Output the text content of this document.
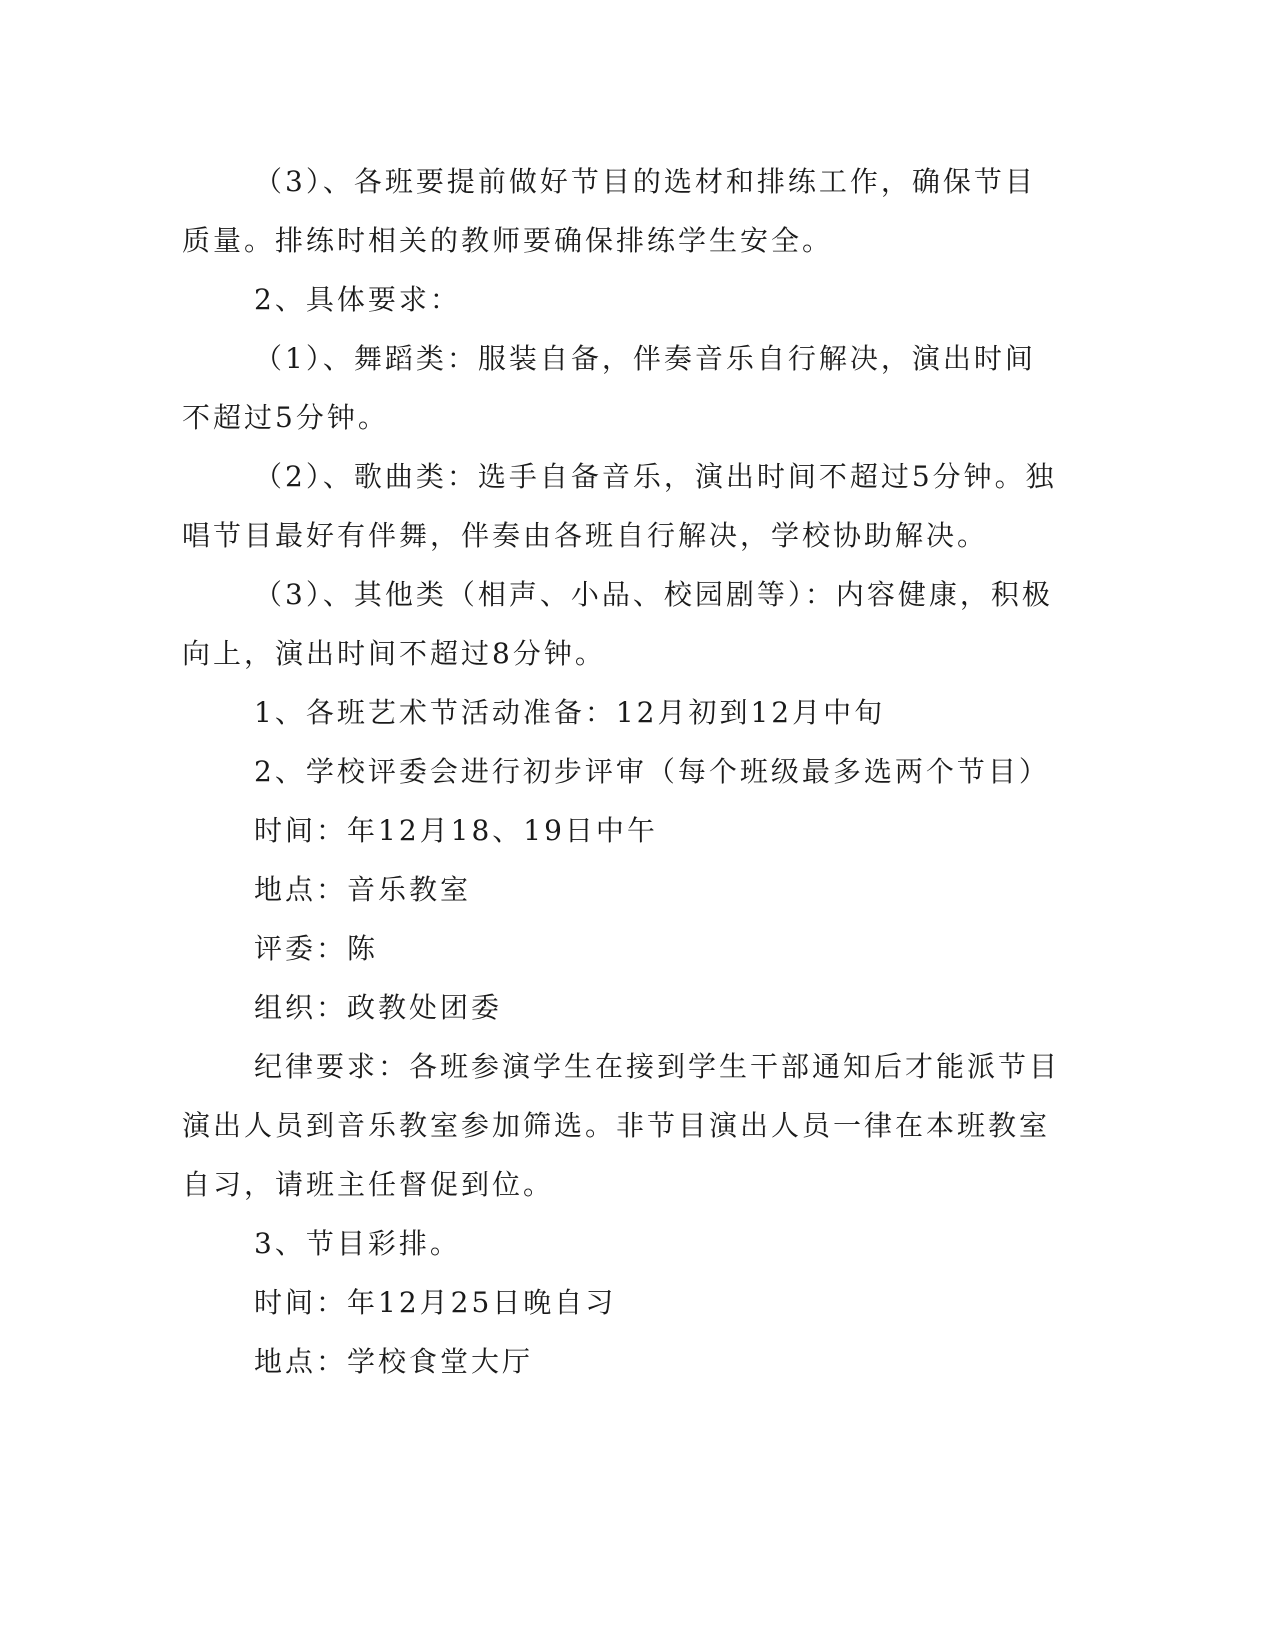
（3）、各班要提前做好节目的选材和排练工作，确保节目质量。排练时相关的教师要确保排练学生安全。

2、具体要求：

（1）、舞蹈类：服装自备，伴奏音乐自行解决，演出时间不超过5分钟。

（2）、歌曲类：选手自备音乐，演出时间不超过5分钟。独唱节目最好有伴舞，伴奏由各班自行解决，学校协助解决。

（3）、其他类（相声、小品、校园剧等）：内容健康，积极向上，演出时间不超过8分钟。

1、各班艺术节活动准备：12月初到12月中旬

2、学校评委会进行初步评审（每个班级最多选两个节目）

时间：年12月18、19日中午

地点：音乐教室

评委：陈

组织：政教处团委

纪律要求：各班参演学生在接到学生干部通知后才能派节目演出人员到音乐教室参加筛选。非节目演出人员一律在本班教室自习，请班主任督促到位。

3、节目彩排。

时间：年12月25日晚自习

地点：学校食堂大厅
